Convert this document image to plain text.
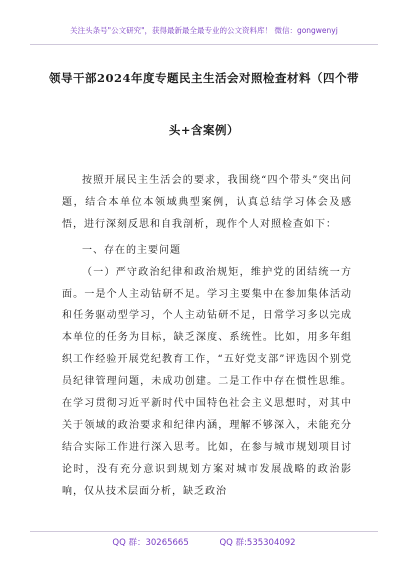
关注头条号"公文研究"，获得最新最全最专业的公文资料库！ 微信：gongwenyj
领导干部2024年度专题民主生活会对照检查材料（四个带
头+含案例）

按照开展民主生活会的要求，我围绕“四个带头”突出问题，结合本单位本领域典型案例，认真总结学习体会及感悟，进行深刻反思和自我剖析，现作个人对照检查如下：

一、存在的主要问题

（一）严守政治纪律和政治规矩，维护党的团结统一方面。一是个人主动钻研不足。学习主要集中在参加集体活动和任务驱动型学习，个人主动钻研不足，日常学习多以完成本单位的任务为目标，缺乏深度、系统性。比如，用多年组织工作经验开展党纪教育工作，“五好党支部”评选因个别党员纪律管理问题，未成功创建。二是工作中存在惯性思维。在学习贯彻习近平新时代中国特色社会主义思想时，对其中关于领域的政治要求和纪律内涵，理解不够深入，未能充分结合实际工作进行深入思考。比如，在参与城市规划项目讨论时，没有充分意识到规划方案对城市发展战略的政治影响，仅从技术层面分析，缺乏政治

QQ 群：30265665	QQ 群:535304092
